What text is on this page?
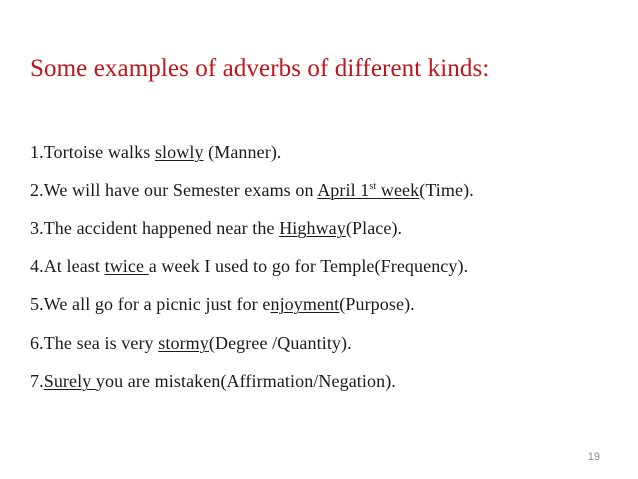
Some examples of adverbs of different kinds:
1.Tortoise walks slowly (Manner).
2.We will have our Semester exams on April 1st week(Time).
3.The accident happened near the Highway(Place).
4.At least twice a week I used to go for Temple(Frequency).
5.We all go for a picnic just for enjoyment(Purpose).
6.The sea is very stormy(Degree /Quantity).
7.Surely you are mistaken(Affirmation/Negation).
19
